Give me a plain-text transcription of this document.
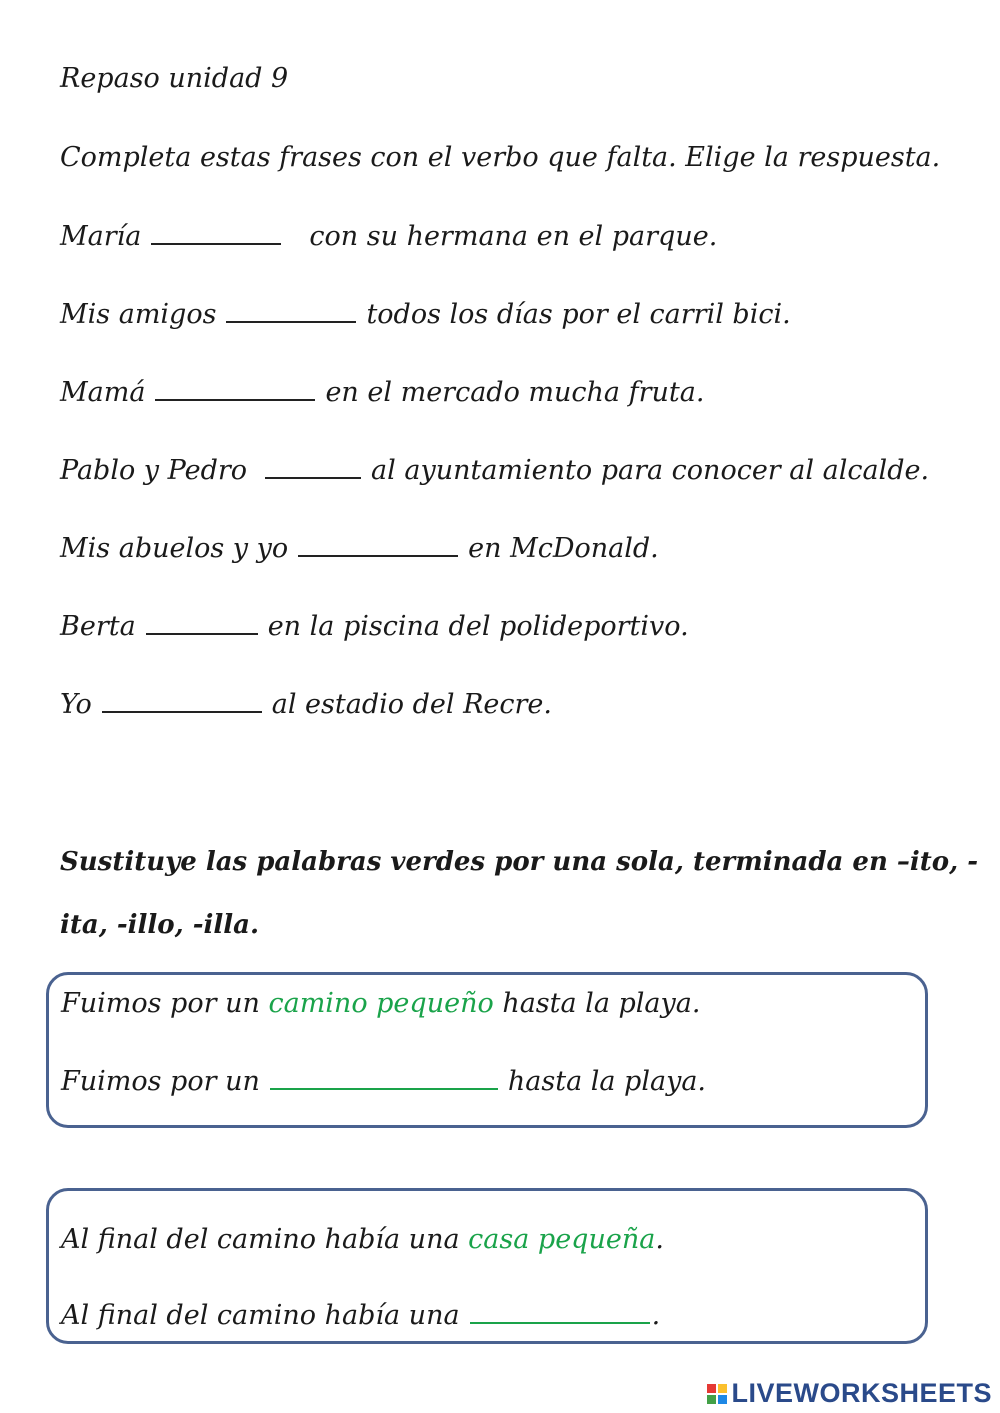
Repaso unidad 9
Completa estas frases con el verbo que falta. Elige la respuesta.
María	con su hermana en el parque.
Mis amigos	todos los días por el carril bici.
Mamá	en el mercado mucha fruta.
Pablo y Pedro	al ayuntamiento para conocer al alcalde.
Mis abuelos y yo	en McDonald.
Berta	en la piscina del polideportivo.
Yo	al estadio del Recre.
Sustituye las palabras verdes por una sola, terminada en –ito, -
ita, -illo, -illa.
Fuimos por un camino pequeño hasta la playa.
Fuimos por un	hasta la playa.
Al final del camino había una casa pequeña.
Al final del camino había una	.
LIVEWORKSHEETS
